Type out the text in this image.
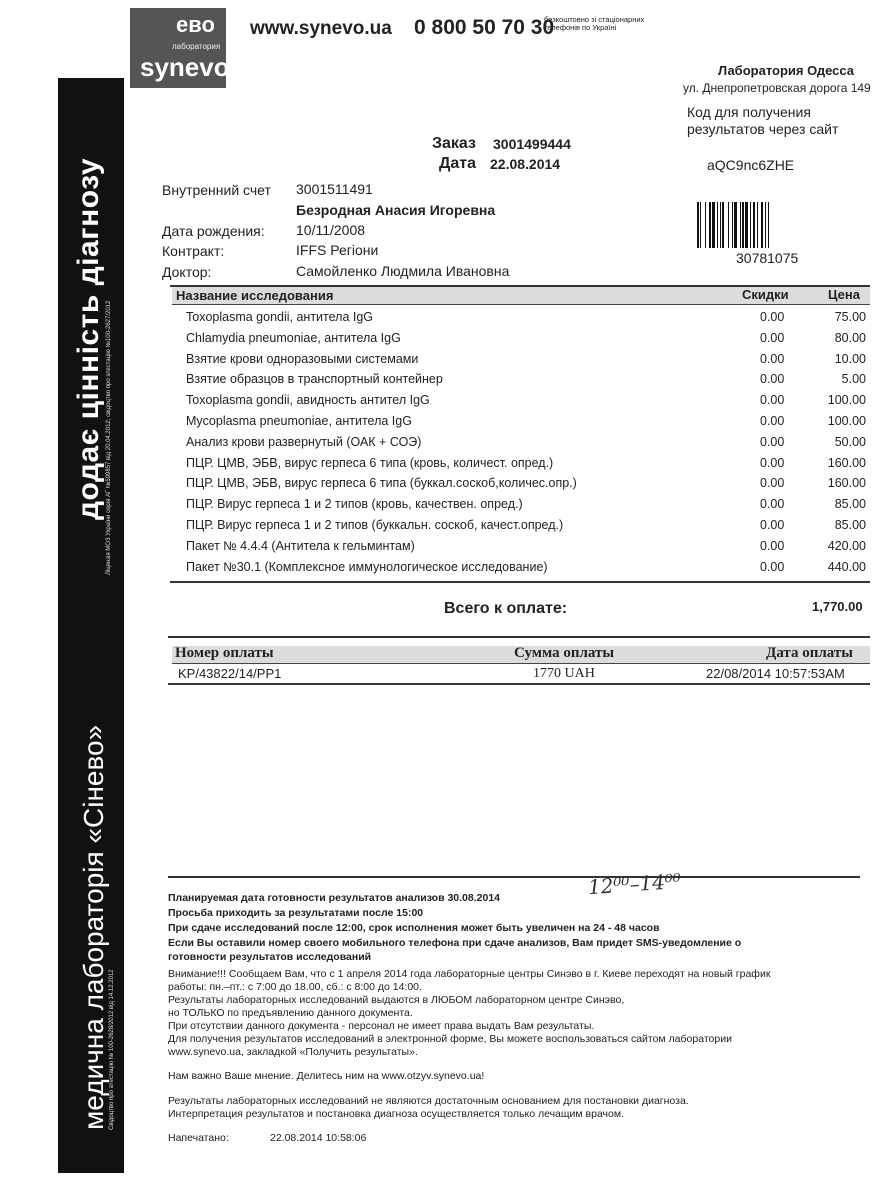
додає цінність діагнозу
медична лабораторія «Сінево»
Ліцензія МОЗ України серія АГ №599857 від 20.04.2012; свідоцтво про атестацію №100-2627/2012
Свідоцтво про атестацію № 100-2628/2012 від 14.12.2012
ево
лаборатория
synevo
www.synevo.ua 0 800 50 70 30
безкоштовно зі стаціонарних телефонів по Україні
Лаборатория Одесса
ул. Днепропетровская дорога 149
Код для получения результатов через сайт
aQC9nc6ZHE
30781075
Заказ 3001499444
Дата 22.08.2014
Внутренний счет 3001511491
Безродная Анасия Игоревна
Дата рождения: 10/11/2008
Контракт:	IFFS Регіони
Доктор:	Самойленко Людмила Ивановна
Название исследования	Скидки	Цена
Toxoplasma gondii, антитела IgG	0.00	75.00
Chlamydia pneumoniae, антитела IgG	0.00	80.00
Взятие крови одноразовыми системами	0.00	10.00
Взятие образцов в транспортный контейнер	0.00	5.00
Toxoplasma gondii, авидность антител IgG	0.00	100.00
Mycoplasma pneumoniae, антитела IgG	0.00	100.00
Анализ крови развернутый (ОАК + СОЭ)	0.00	50.00
ПЦР. ЦМВ, ЭБВ, вирус герпеса 6 типа (кровь, количест. опред.)	0.00	160.00
ПЦР. ЦМВ, ЭБВ, вирус герпеса 6 типа (буккал.соскоб,количес.опр.)	0.00	160.00
ПЦР. Вирус герпеса 1 и 2 типов (кровь, качествен. опред.)	0.00	85.00
ПЦР. Вирус герпеса 1 и 2 типов (буккальн. соскоб, качест.опред.)	0.00	85.00
Пакет № 4.4.4 (Антитела к гельминтам)	0.00	420.00
Пакет №30.1 (Комплексное иммунологическое исследование)	0.00	440.00
Всего к оплате:	1,770.00
Номер оплаты	Сумма оплаты	Дата оплаты
KP/43822/14/PP1	1770 UAH	22/08/2014 10:57:53AM
12⁰⁰–14⁰⁰
Планируемая дата готовности результатов анализов 30.08.2014
Просьба приходить за результатами после 15:00
При сдаче исследований после 12:00, срок исполнения может быть увеличен на 24 - 48 часов
Если Вы оставили номер своего мобильного телефона при сдаче анализов, Вам придет SMS-уведомление о
готовности результатов исследований
Внимание!!! Сообщаем Вам, что с 1 апреля 2014 года лабораторные центры Синэво в г. Киеве переходят на новый график
работы: пн.–пт.: с 7:00 до 18.00, сб.: с 8:00 до 14:00.
Результаты лабораторных исследований выдаются в ЛЮБОМ лабораторном центре Синэво,
но ТОЛЬКО по предъявлению данного документа.
При отсутствии данного документа - персонал не имеет права выдать Вам результаты.
Для получения результатов исследований в электронной форме, Вы можете воспользоваться сайтом лаборатории
www.synevo.ua, закладкой «Получить результаты».
Нам важно Ваше мнение. Делитесь ним на www.otzyv.synevo.ua!
Результаты лабораторных исследований не являются достаточным основанием для постановки диагноза.
Интерпретация результатов и постановка диагноза осуществляется только лечащим врачом.
Напечатано:	22.08.2014 10:58:06
